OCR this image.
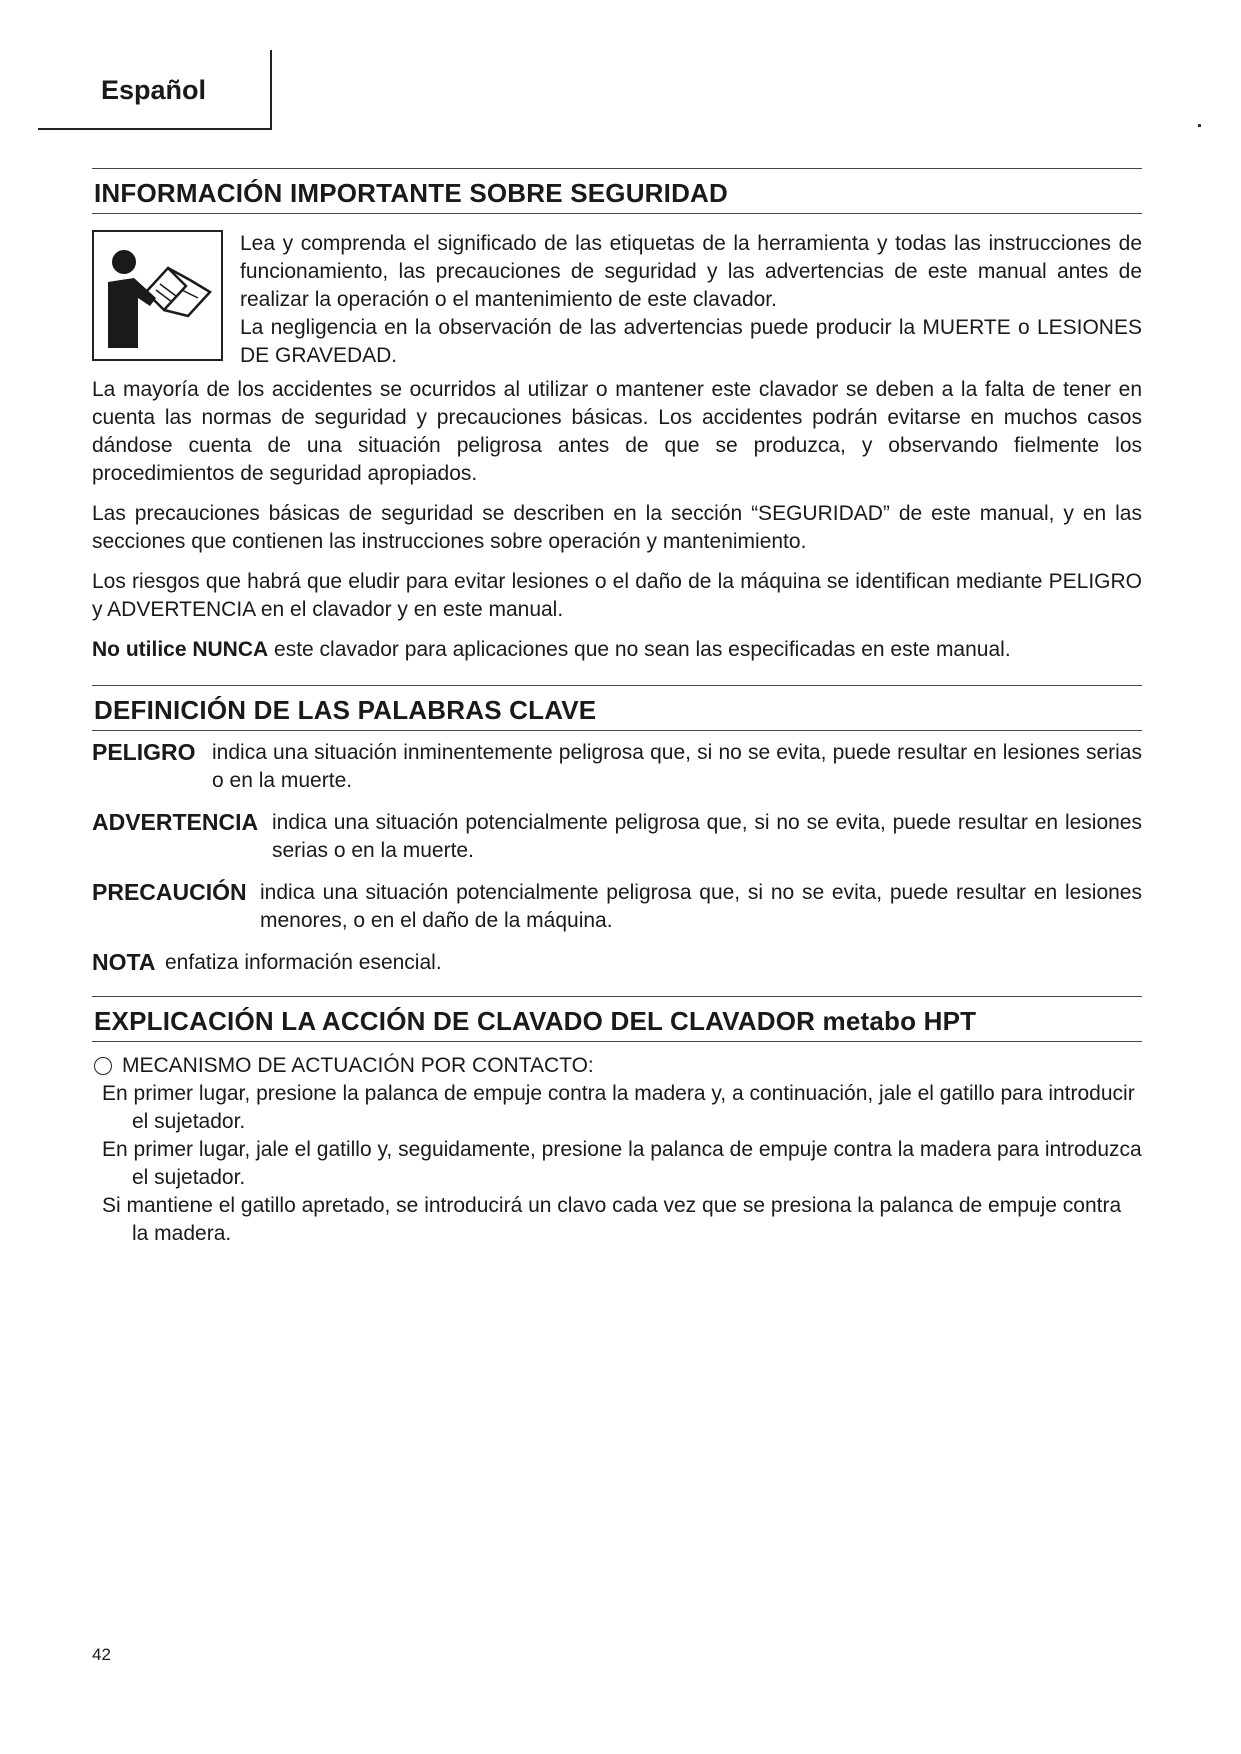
Español
INFORMACIÓN IMPORTANTE SOBRE SEGURIDAD

Lea y comprenda el significado de las etiquetas de la herramienta y todas las instrucciones de funcionamiento, las precauciones de seguridad y las advertencias de este manual antes de realizar la operación o el mantenimiento de este clavador.

La negligencia en la observación de las advertencias puede producir la MUERTE o LESIONES DE GRAVEDAD.

La mayoría de los accidentes se ocurridos al utilizar o mantener este clavador se deben a la falta de tener en cuenta las normas de seguridad y precauciones básicas. Los accidentes podrán evitarse en muchos casos dándose cuenta de una situación peligrosa antes de que se produzca, y observando fielmente los procedimientos de seguridad apropiados.

Las precauciones básicas de seguridad se describen en la sección “SEGURIDAD” de este manual, y en las secciones que contienen las instrucciones sobre operación y mantenimiento.

Los riesgos que habrá que eludir para evitar lesiones o el daño de la máquina se identifican mediante PELIGRO y ADVERTENCIA en el clavador y en este manual.

No utilice NUNCA este clavador para aplicaciones que no sean las especificadas en este manual.

DEFINICIÓN DE LAS PALABRAS CLAVE
PELIGRO indica una situación inminentemente peligrosa que, si no se evita, puede resultar en lesiones serias o en la muerte.
ADVERTENCIA indica una situación potencialmente peligrosa que, si no se evita, puede resultar en lesiones serias o en la muerte.
PRECAUCIÓN indica una situación potencialmente peligrosa que, si no se evita, puede resultar en lesiones menores, o en el daño de la máquina.
NOTA enfatiza información esencial.
EXPLICACIÓN LA ACCIÓN DE CLAVADO DEL CLAVADOR metabo HPT
MECANISMO DE ACTUACIÓN POR CONTACTO:

En primer lugar, presione la palanca de empuje contra la madera y, a continuación, jale el gatillo para introducir el sujetador.

En primer lugar, jale el gatillo y, seguidamente, presione la palanca de empuje contra la madera para introduzca el sujetador.

Si mantiene el gatillo apretado, se introducirá un clavo cada vez que se presiona la palanca de empuje contra la madera.

42
